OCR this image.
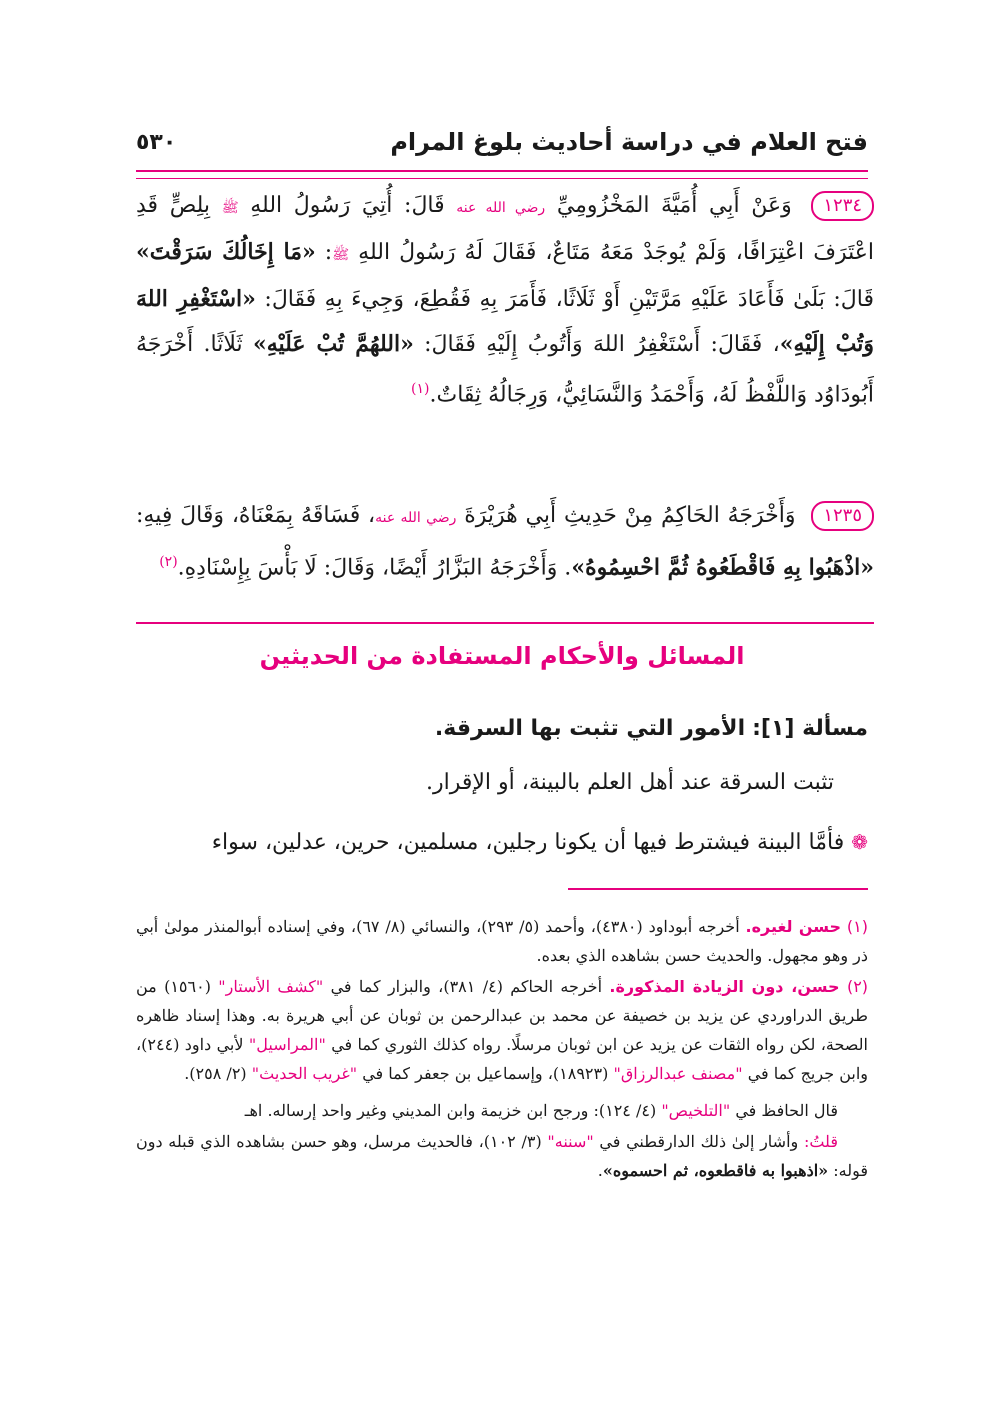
فتح العلام في دراسة أحاديث بلوغ المرام
٥٣٠
١٢٣٤ وَعَنْ أَبِي أُمَيَّةَ المَخْزُومِيِّ رضي الله عنه قَالَ: أُتِيَ رَسُولُ اللهِ ﷺ بِلِصٍّ قَدِ اعْتَرَفَ اعْتِرَافًا، وَلَمْ يُوجَدْ مَعَهُ مَتَاعٌ، فَقَالَ لَهُ رَسُولُ اللهِ ﷺ: «مَا إِخَالُكَ سَرَقْتَ» قَالَ: بَلَىٰ فَأَعَادَ عَلَيْهِ مَرَّتَيْنِ أَوْ ثَلَاثًا، فَأَمَرَ بِهِ فَقُطِعَ، وَجِيءَ بِهِ فَقَالَ: «اسْتَغْفِرِ اللهَ وَتُبْ إِلَيْهِ»، فَقَالَ: أَسْتَغْفِرُ اللهَ وَأَتُوبُ إِلَيْهِ فَقَالَ: «اللهُمَّ تُبْ عَلَيْهِ» ثَلَاثًا. أَخْرَجَهُ أَبُودَاوُد وَاللَّفْظُ لَهُ، وَأَحْمَدُ وَالنَّسَائِيُّ، وَرِجَالُهُ ثِقَاتٌ.$^{(١)}$
١٢٣٥ وَأَخْرَجَهُ الحَاكِمُ مِنْ حَدِيثِ أَبِي هُرَيْرَةَ رضي الله عنه، فَسَاقَهُ بِمَعْنَاهُ، وَقَالَ فِيهِ: «اذْهَبُوا بِهِ فَاقْطَعُوهُ ثُمَّ احْسِمُوهُ». وَأَخْرَجَهُ البَزَّارُ أَيْضًا، وَقَالَ: لَا بَأْسَ بِإِسْنَادِهِ.$^{(٢)}$
المسائل والأحكام المستفادة من الحديثين
مسألة [١]: الأمور التي تثبت بها السرقة.
تثبت السرقة عند أهل العلم بالبينة، أو الإقرار.
❁ فأمَّا البينة فيشترط فيها أن يكونا رجلين، مسلمين، حرين، عدلين، سواء
(١) حسن لغيره. أخرجه أبوداود (٤٣٨٠)، وأحمد (٥/ ٢٩٣)، والنسائي (٨/ ٦٧)، وفي إسناده أبوالمنذر مولىٰ أبي ذر وهو مجهول. والحديث حسن بشاهده الذي بعده.
(٢) حسن، دون الزيادة المذكورة. أخرجه الحاكم (٤/ ٣٨١)، والبزار كما في "كشف الأستار" (١٥٦٠) من طريق الدراوردي عن يزيد بن خصيفة عن محمد بن عبدالرحمن بن ثوبان عن أبي هريرة به. وهذا إسناد ظاهره الصحة، لكن رواه الثقات عن يزيد عن ابن ثوبان مرسلًا. رواه كذلك الثوري كما في "المراسيل" لأبي داود (٢٤٤)، وابن جريج كما في "مصنف عبدالرزاق" (١٨٩٢٣)، وإسماعيل بن جعفر كما في "غريب الحديث" (٢/ ٢٥٨).
قال الحافظ في "التلخيص" (٤/ ١٢٤): ورجح ابن خزيمة وابن المديني وغير واحد إرساله. اهـ
قلتُ: وأشار إلىٰ ذلك الدارقطني في "سننه" (٣/ ١٠٢)، فالحديث مرسل، وهو حسن بشاهده الذي قبله دون قوله: «اذهبوا به فاقطعوه، ثم احسموه».
